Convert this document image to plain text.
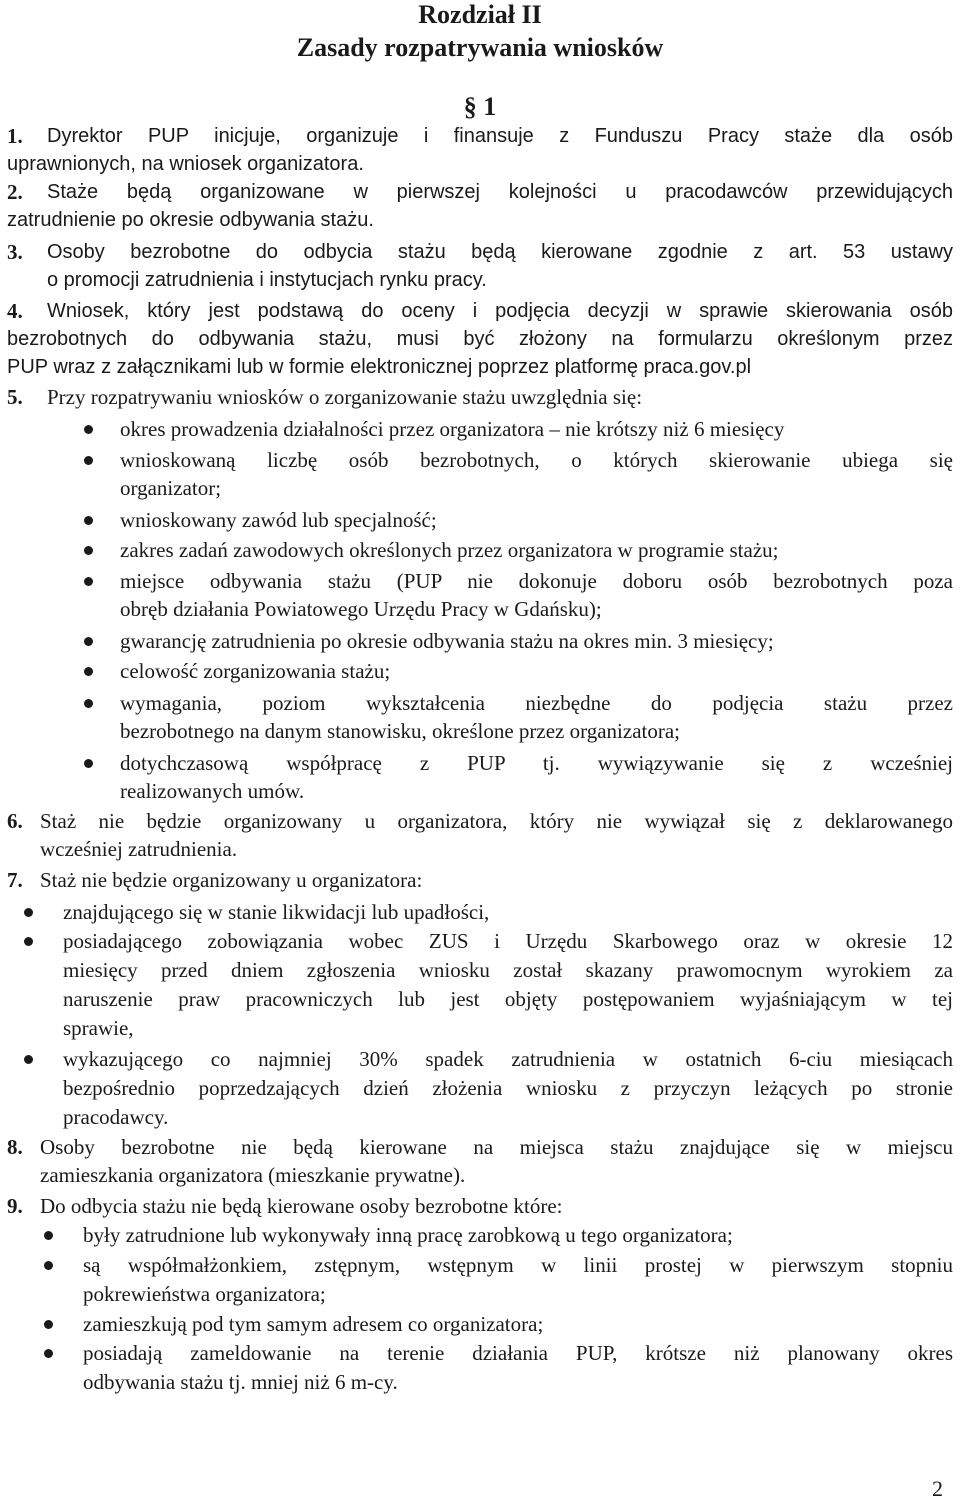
Rozdział II
Zasady rozpatrywania wniosków
§ 1
1. Dyrektor PUP inicjuje, organizuje i finansuje z Funduszu Pracy staże dla osób
uprawnionych, na wniosek organizatora.
2. Staże będą organizowane w pierwszej kolejności u pracodawców przewidujących
zatrudnienie po okresie odbywania stażu.
3. Osoby bezrobotne do odbycia stażu będą kierowane zgodnie z art. 53 ustawy
o promocji zatrudnienia i instytucjach rynku pracy.
4. Wniosek, który jest podstawą do oceny i podjęcia decyzji w sprawie skierowania osób
bezrobotnych do odbywania stażu, musi być złożony na formularzu określonym przez
PUP wraz z załącznikami lub w formie elektronicznej poprzez platformę praca.gov.pl
5. Przy rozpatrywaniu wniosków o zorganizowanie stażu uwzględnia się:
okres prowadzenia działalności przez organizatora – nie krótszy niż 6 miesięcy
wnioskowaną liczbę osób bezrobotnych, o których skierowanie ubiega się
organizator;
wnioskowany zawód lub specjalność;
zakres zadań zawodowych określonych przez organizatora w programie stażu;
miejsce odbywania stażu (PUP nie dokonuje doboru osób bezrobotnych poza
obręb działania Powiatowego Urzędu Pracy w Gdańsku);
gwarancję zatrudnienia po okresie odbywania stażu na okres min. 3 miesięcy;
celowość zorganizowania stażu;
wymagania, poziom wykształcenia niezbędne do podjęcia stażu przez
bezrobotnego na danym stanowisku, określone przez organizatora;
dotychczasową współpracę z PUP tj. wywiązywanie się z wcześniej
realizowanych umów.
6. Staż nie będzie organizowany u organizatora, który nie wywiązał się z deklarowanego
wcześniej zatrudnienia.
7. Staż nie będzie organizowany u organizatora:
znajdującego się w stanie likwidacji lub upadłości,
posiadającego zobowiązania wobec ZUS i Urzędu Skarbowego oraz w okresie 12
miesięcy przed dniem zgłoszenia wniosku został skazany prawomocnym wyrokiem za
naruszenie praw pracowniczych lub jest objęty postępowaniem wyjaśniającym w tej
sprawie,
wykazującego co najmniej 30% spadek zatrudnienia w ostatnich 6-ciu miesiącach
bezpośrednio poprzedzających dzień złożenia wniosku z przyczyn leżących po stronie
pracodawcy.
8. Osoby bezrobotne nie będą kierowane na miejsca stażu znajdujące się w miejscu
zamieszkania organizatora (mieszkanie prywatne).
9. Do odbycia stażu nie będą kierowane osoby bezrobotne które:
były zatrudnione lub wykonywały inną pracę zarobkową u tego organizatora;
są współmałżonkiem, zstępnym, wstępnym w linii prostej w pierwszym stopniu
pokrewieństwa organizatora;
zamieszkują pod tym samym adresem co organizatora;
posiadają zameldowanie na terenie działania PUP, krótsze niż planowany okres
odbywania stażu tj. mniej niż 6 m-cy.
2
